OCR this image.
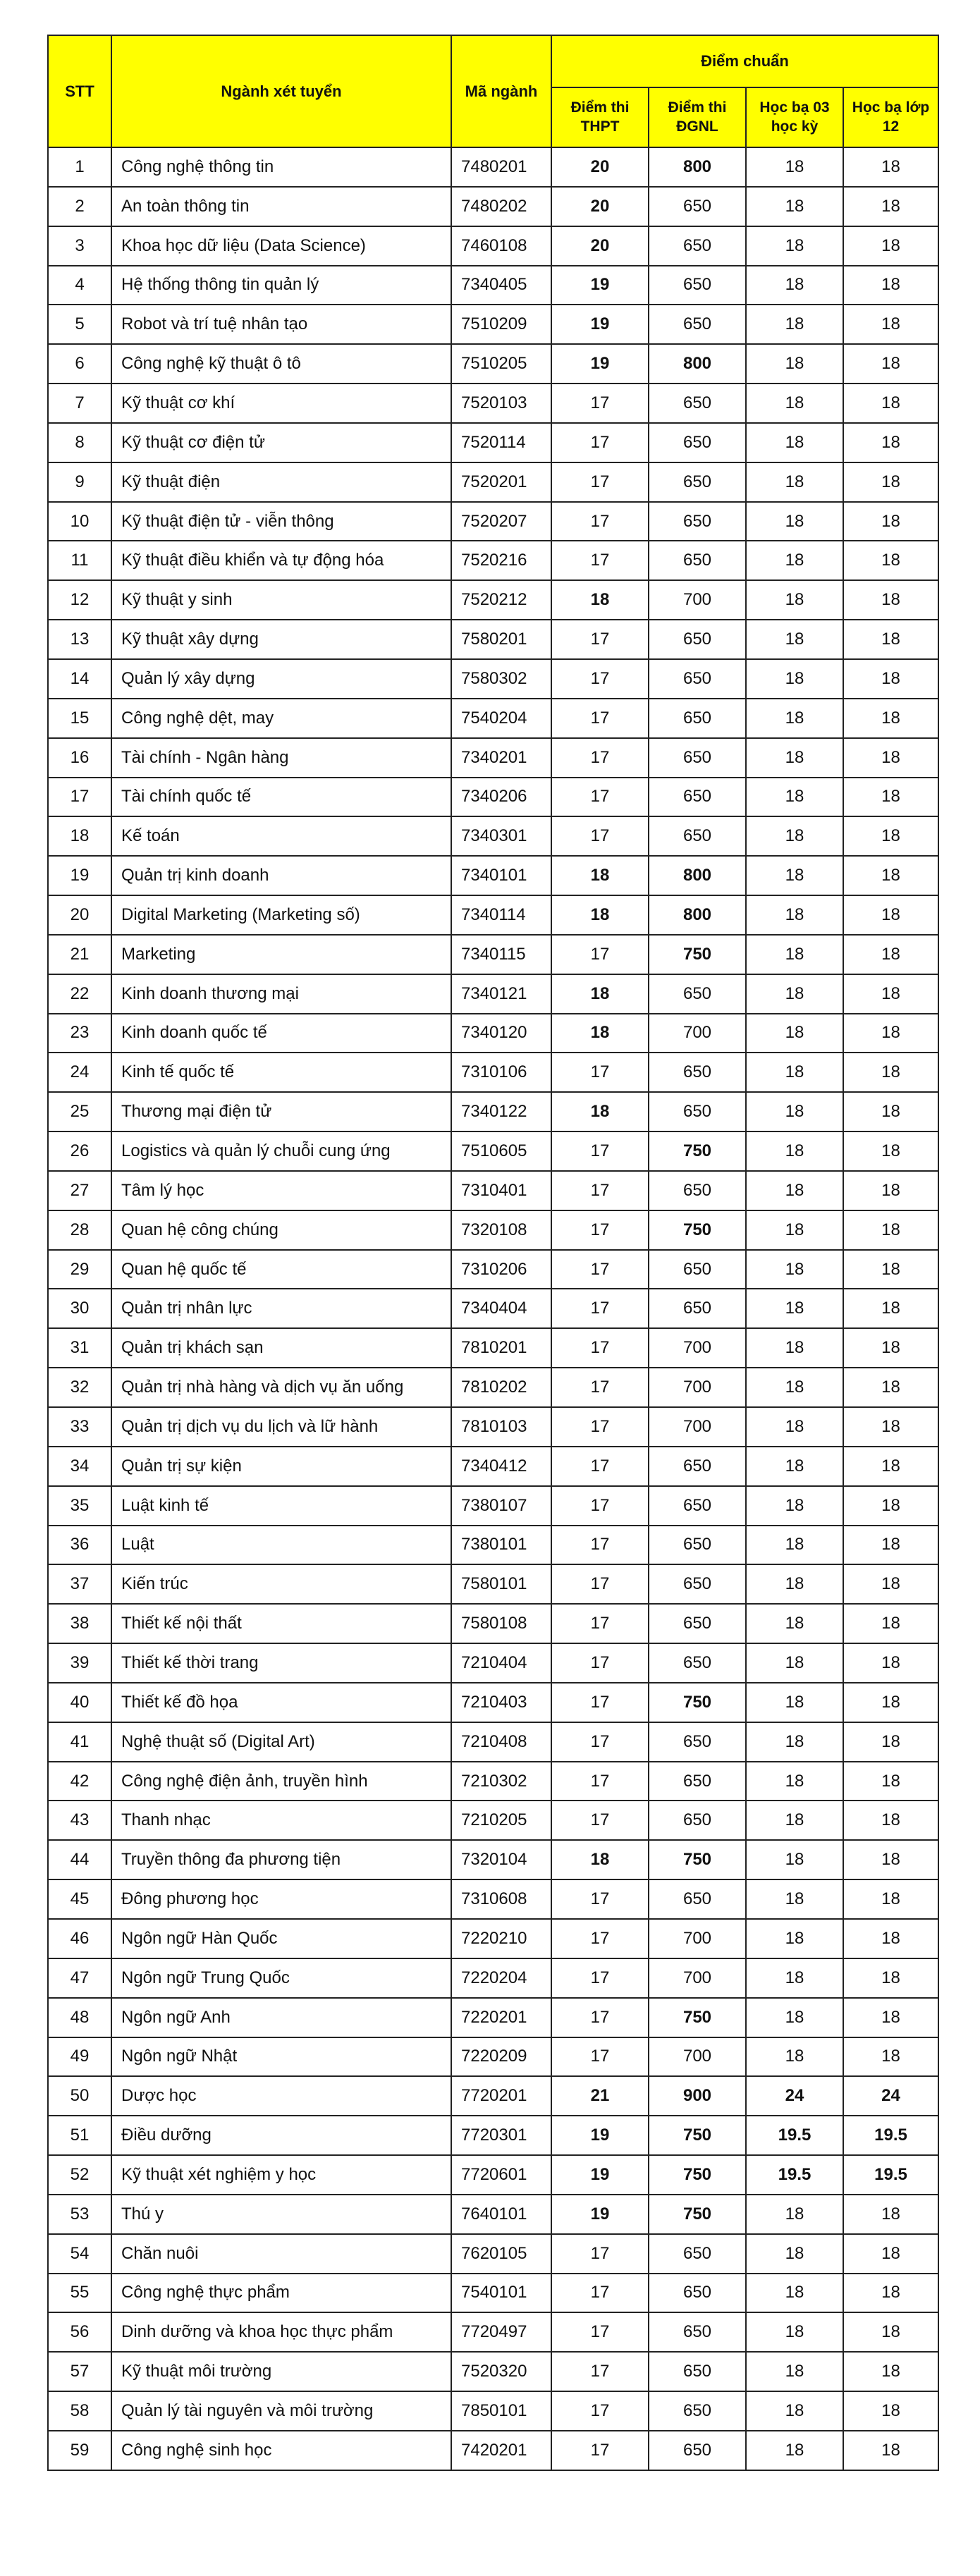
STT	Ngành xét tuyển	Mã ngành	Điểm chuẩn			
			Điểm thi THPT	Điểm thi ĐGNL	Học bạ 03 học kỳ	Học bạ lớp 12
1	Công nghệ thông tin	7480201	20	800	18	18
2	An toàn thông tin	7480202	20	650	18	18
3	Khoa học dữ liệu (Data Science)	7460108	20	650	18	18
4	Hệ thống thông tin quản lý	7340405	19	650	18	18
5	Robot và trí tuệ nhân tạo	7510209	19	650	18	18
6	Công nghệ kỹ thuật ô tô	7510205	19	800	18	18
7	Kỹ thuật cơ khí	7520103	17	650	18	18
8	Kỹ thuật cơ điện tử	7520114	17	650	18	18
9	Kỹ thuật điện	7520201	17	650	18	18
10	Kỹ thuật điện tử - viễn thông	7520207	17	650	18	18
11	Kỹ thuật điều khiển và tự động hóa	7520216	17	650	18	18
12	Kỹ thuật y sinh	7520212	18	700	18	18
13	Kỹ thuật xây dựng	7580201	17	650	18	18
14	Quản lý xây dựng	7580302	17	650	18	18
15	Công nghệ dệt, may	7540204	17	650	18	18
16	Tài chính - Ngân hàng	7340201	17	650	18	18
17	Tài chính quốc tế	7340206	17	650	18	18
18	Kế toán	7340301	17	650	18	18
19	Quản trị kinh doanh	7340101	18	800	18	18
20	Digital Marketing (Marketing số)	7340114	18	800	18	18
21	Marketing	7340115	17	750	18	18
22	Kinh doanh thương mại	7340121	18	650	18	18
23	Kinh doanh quốc tế	7340120	18	700	18	18
24	Kinh tế quốc tế	7310106	17	650	18	18
25	Thương mại điện tử	7340122	18	650	18	18
26	Logistics và quản lý chuỗi cung ứng	7510605	17	750	18	18
27	Tâm lý học	7310401	17	650	18	18
28	Quan hệ công chúng	7320108	17	750	18	18
29	Quan hệ quốc tế	7310206	17	650	18	18
30	Quản trị nhân lực	7340404	17	650	18	18
31	Quản trị khách sạn	7810201	17	700	18	18
32	Quản trị nhà hàng và dịch vụ ăn uống	7810202	17	700	18	18
33	Quản trị dịch vụ du lịch và lữ hành	7810103	17	700	18	18
34	Quản trị sự kiện	7340412	17	650	18	18
35	Luật kinh tế	7380107	17	650	18	18
36	Luật	7380101	17	650	18	18
37	Kiến trúc	7580101	17	650	18	18
38	Thiết kế nội thất	7580108	17	650	18	18
39	Thiết kế thời trang	7210404	17	650	18	18
40	Thiết kế đồ họa	7210403	17	750	18	18
41	Nghệ thuật số (Digital Art)	7210408	17	650	18	18
42	Công nghệ điện ảnh, truyền hình	7210302	17	650	18	18
43	Thanh nhạc	7210205	17	650	18	18
44	Truyền thông đa phương tiện	7320104	18	750	18	18
45	Đông phương học	7310608	17	650	18	18
46	Ngôn ngữ Hàn Quốc	7220210	17	700	18	18
47	Ngôn ngữ Trung Quốc	7220204	17	700	18	18
48	Ngôn ngữ Anh	7220201	17	750	18	18
49	Ngôn ngữ Nhật	7220209	17	700	18	18
50	Dược học	7720201	21	900	24	24
51	Điều dưỡng	7720301	19	750	19.5	19.5
52	Kỹ thuật xét nghiệm y học	7720601	19	750	19.5	19.5
53	Thú y	7640101	19	750	18	18
54	Chăn nuôi	7620105	17	650	18	18
55	Công nghệ thực phẩm	7540101	17	650	18	18
56	Dinh dưỡng và khoa học thực phẩm	7720497	17	650	18	18
57	Kỹ thuật môi trường	7520320	17	650	18	18
58	Quản lý tài nguyên và môi trường	7850101	17	650	18	18
59	Công nghệ sinh học	7420201	17	650	18	18
